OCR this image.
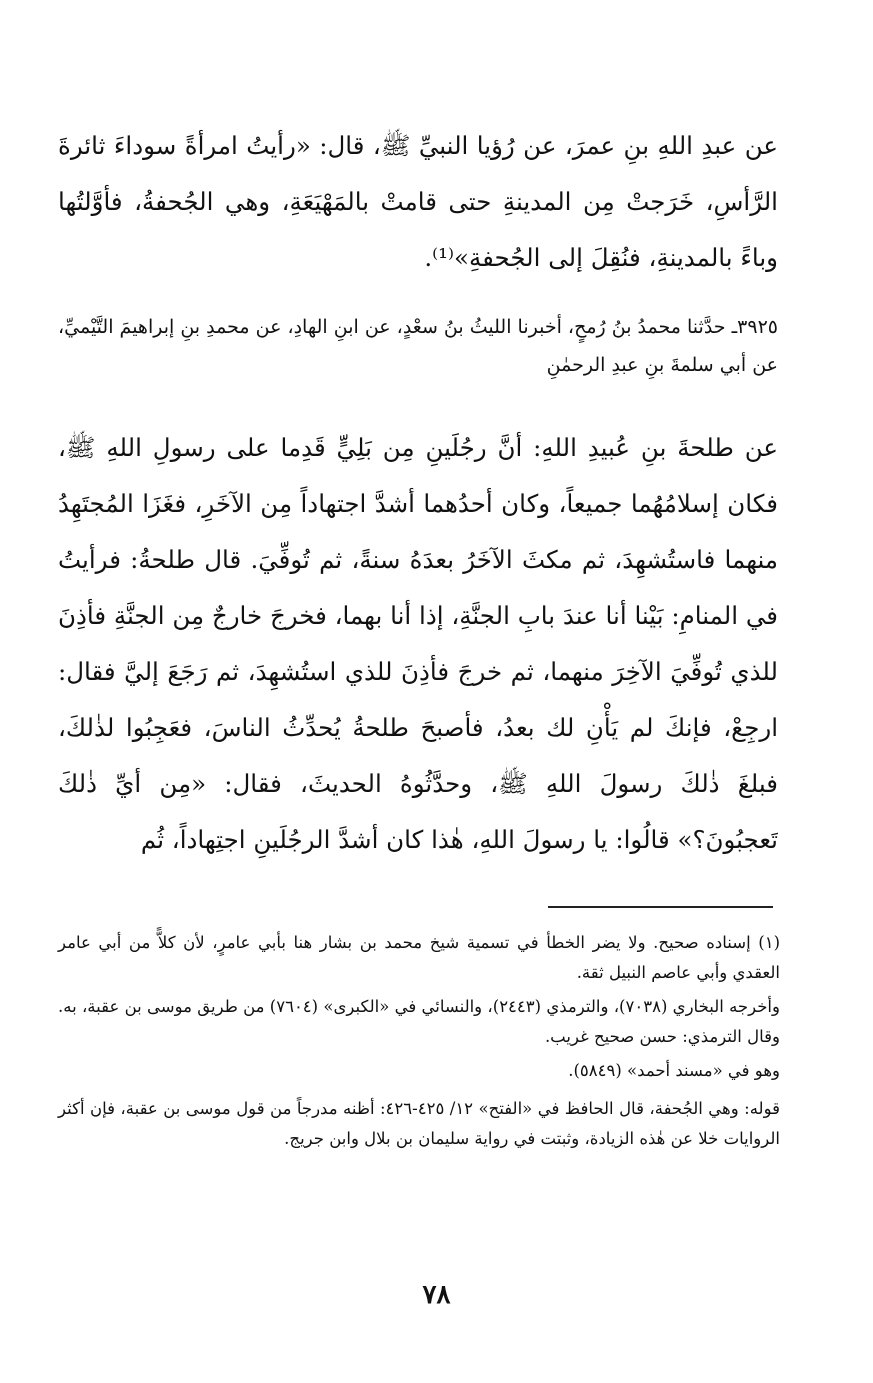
عن عبدِ اللهِ بنِ عمرَ، عن رُؤيا النبيِّ ﷺ، قال: «رأيتُ امرأةً سوداءَ ثائرةَ الرَّأسِ، خَرَجتْ مِن المدينةِ حتى قامتْ بالمَهْيَعَةِ، وهي الجُحفةُ، فأوَّلتُها وباءً بالمدينةِ، فنُقِلَ إلى الجُحفةِ»⁽¹⁾.

٣٩٢٥ـ حدَّثنا محمدُ بنُ رُمحٍ، أخبرنا الليثُ بنُ سعْدٍ، عن ابنِ الهادِ، عن محمدِ بنِ إبراهيمَ التَّيْميِّ، عن أبي سلمةَ بنِ عبدِ الرحمٰنِ

عن طلحةَ بنِ عُبيدِ اللهِ: أنَّ رجُلَينِ مِن بَلِيٍّ قَدِما على رسولِ اللهِ ﷺ، فكان إسلامُهُما جميعاً، وكان أحدُهما أشدَّ اجتهاداً مِن الآخَرِ، فغَزَا المُجتَهِدُ منهما فاستُشهِدَ، ثم مكثَ الآخَرُ بعدَهُ سنةً، ثم تُوفِّيَ. قال طلحةُ: فرأيتُ في المنامِ: بَيْنا أنا عندَ بابِ الجنَّةِ، إذا أنا بهما، فخرجَ خارجٌ مِن الجنَّةِ فأذِنَ للذي تُوفِّيَ الآخِرَ منهما، ثم خرجَ فأذِنَ للذي استُشهِدَ، ثم رَجَعَ إليَّ فقال: ارجِعْ، فإنكَ لم يَأْنِ لك بعدُ، فأصبحَ طلحةُ يُحدِّثُ الناسَ، فعَجِبُوا لذٰلكَ، فبلغَ ذٰلكَ رسولَ اللهِ ﷺ، وحدَّثُوهُ الحديثَ، فقال: «مِن أيِّ ذٰلكَ تَعجبُونَ؟» قالُوا: يا رسولَ اللهِ، هٰذا كان أشدَّ الرجُلَينِ اجتِهاداً، ثُم

(١) إسناده صحيح. ولا يضر الخطأ في تسمية شيخ محمد بن بشار هنا بأبي عامرٍ، لأن كلاًّ من أبي عامر العقدي وأبي عاصم النبيل ثقة.

وأخرجه البخاري (٧٠٣٨)، والترمذي (٢٤٤٣)، والنسائي في «الكبرى» (٧٦٠٤) من طريق موسى بن عقبة، به. وقال الترمذي: حسن صحيح غريب.

وهو في «مسند أحمد» (٥٨٤٩).

قوله: وهي الجُحفة، قال الحافظ في «الفتح» ١٢/ ٤٢٥-٤٢٦: أظنه مدرجاً من قول موسى بن عقبة، فإن أكثر الروايات خلا عن هٰذه الزيادة، وثبتت في رواية سليمان بن بلال وابن جريج.

٧٨
